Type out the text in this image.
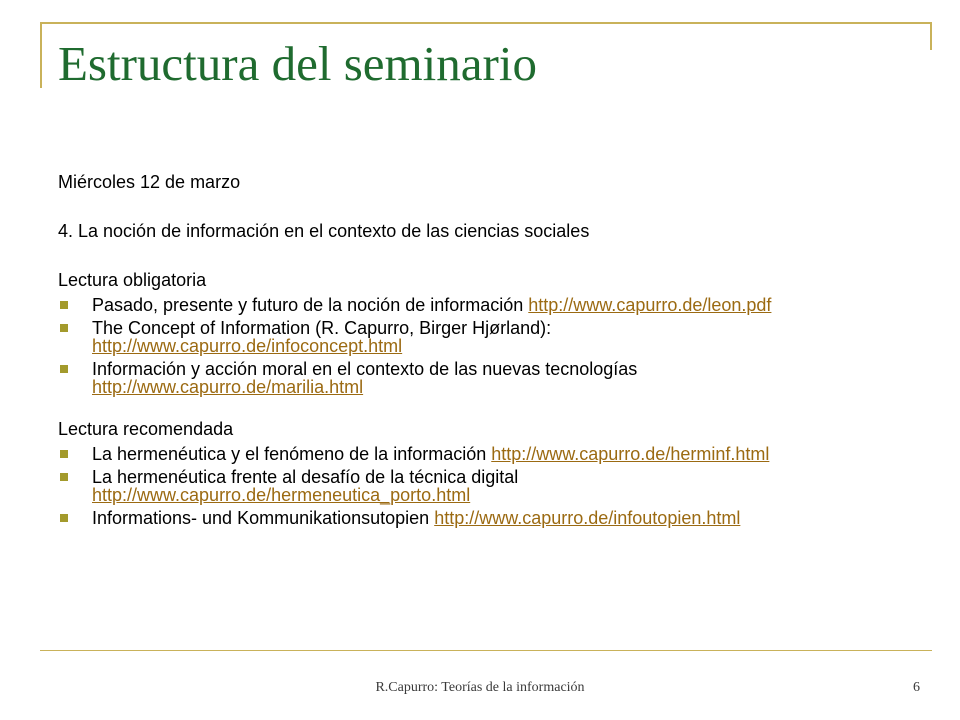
Estructura del seminario

Miércoles 12 de marzo

4. La noción de información en el contexto de las ciencias sociales

Lectura obligatoria

Pasado, presente y futuro de la noción de información http://www.capurro.de/leon.pdf
The Concept of Information (R. Capurro, Birger Hjørland):
http://www.capurro.de/infoconcept.html
Información y acción moral en el contexto de las nuevas tecnologías
http://www.capurro.de/marilia.html

Lectura recomendada

La hermenéutica y el fenómeno de la información http://www.capurro.de/herminf.html
La hermenéutica frente al desafío de la técnica digital
http://www.capurro.de/hermeneutica_porto.html
Informations- und Kommunikationsutopien http://www.capurro.de/infoutopien.html
R.Capurro: Teorías de la información	6
